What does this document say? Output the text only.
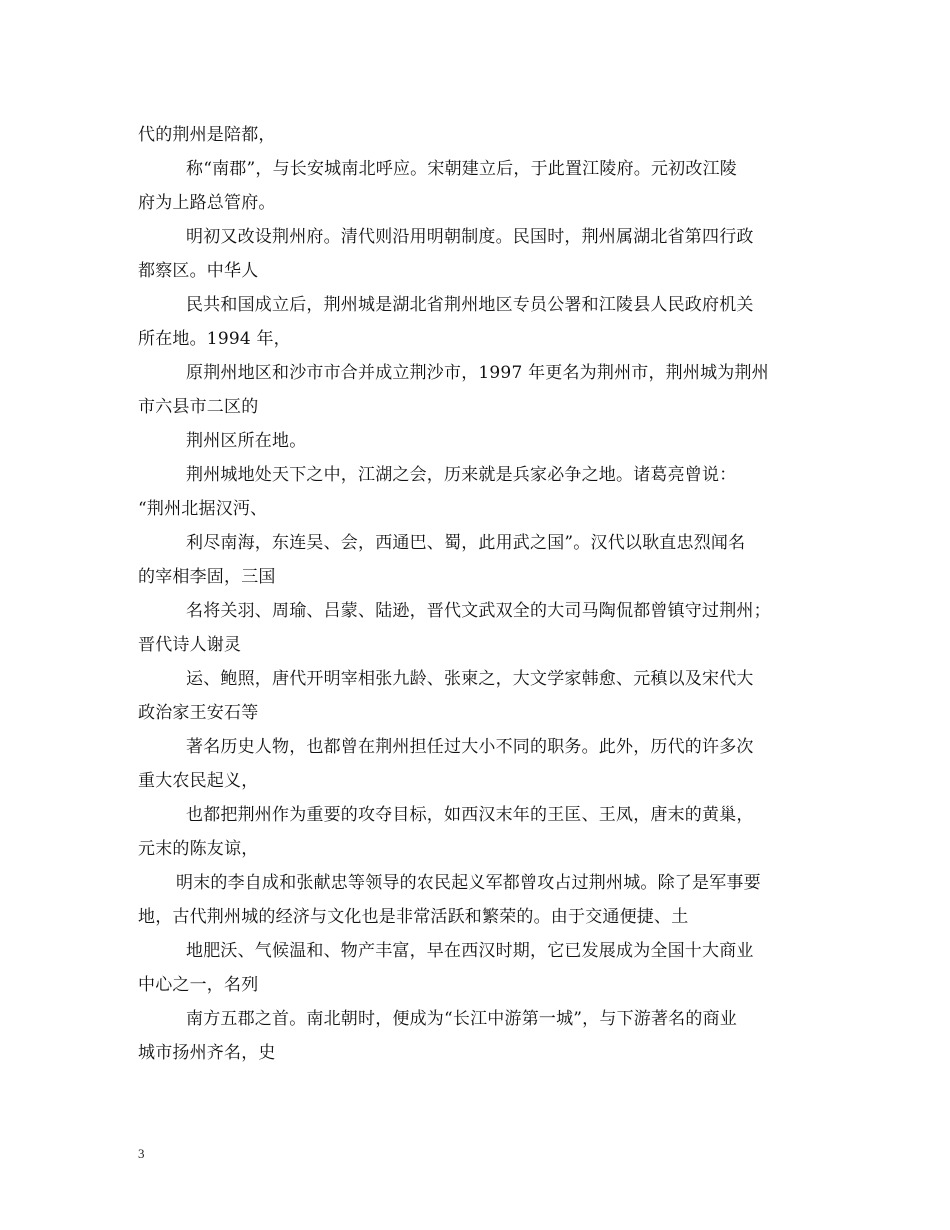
代的荆州是陪都，
称“南郡”，与长安城南北呼应。宋朝建立后，于此置江陵府。元初改江陵
府为上路总管府。
明初又改设荆州府。清代则沿用明朝制度。民国时，荆州属湖北省第四行政
都察区。中华人
民共和国成立后，荆州城是湖北省荆州地区专员公署和江陵县人民政府机关
所在地。1994 年，
原荆州地区和沙市市合并成立荆沙市，1997 年更名为荆州市，荆州城为荆州
市六县市二区的
荆州区所在地。
荆州城地处天下之中，江湖之会，历来就是兵家必争之地。诸葛亮曾说：
“荆州北据汉沔、
利尽南海，东连吴、会，西通巴、蜀，此用武之国”。汉代以耿直忠烈闻名
的宰相李固，三国
名将关羽、周瑜、吕蒙、陆逊，晋代文武双全的大司马陶侃都曾镇守过荆州；
晋代诗人谢灵
运、鲍照，唐代开明宰相张九龄、张柬之，大文学家韩愈、元稹以及宋代大
政治家王安石等
著名历史人物，也都曾在荆州担任过大小不同的职务。此外，历代的许多次
重大农民起义，
也都把荆州作为重要的攻夺目标，如西汉末年的王匡、王凤，唐末的黄巢，
元末的陈友谅，
明末的李自成和张献忠等领导的农民起义军都曾攻占过荆州城。除了是军事要
地，古代荆州城的经济与文化也是非常活跃和繁荣的。由于交通便捷、土
地肥沃、气候温和、物产丰富，早在西汉时期，它已发展成为全国十大商业
中心之一，名列
南方五郡之首。南北朝时，便成为“长江中游第一城”，与下游著名的商业
城市扬州齐名，史
3
